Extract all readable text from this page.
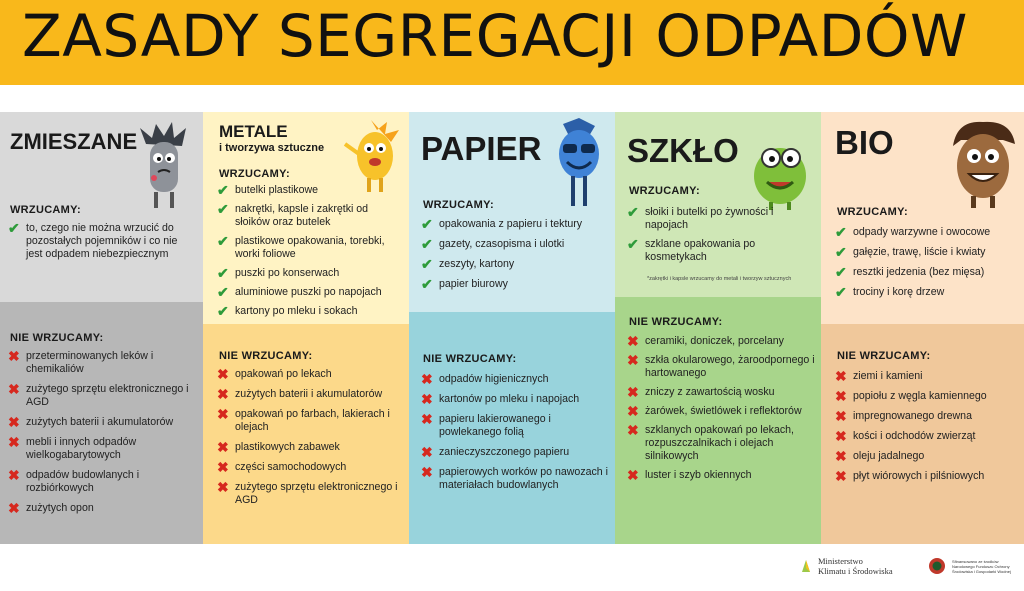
ZASADY SEGREGACJI ODPADÓW
ZMIESZANE
WRZUCAMY:
✔ to, czego nie można wrzucić do pozostałych pojemników i co nie jest odpadem niebezpiecznym
NIE WRZUCAMY:
✖ przeterminowanych leków i chemikaliów
✖ zużytego sprzętu elektronicznego i AGD
✖ zużytych baterii i akumulatorów
✖ mebli i innych odpadów wielkogabarytowych
✖ odpadów budowlanych i rozbiórkowych
✖ zużytych opon
METALE
i tworzywa sztuczne
WRZUCAMY:
✔ butelki plastikowe
✔ nakrętki, kapsle i zakrętki od słoików oraz butelek
✔ plastikowe opakowania, torebki, worki foliowe
✔ puszki po konserwach
✔ aluminiowe puszki po napojach
✔ kartony po mleku i sokach
NIE WRZUCAMY:
✖ opakowań po lekach
✖ zużytych baterii i akumulatorów
✖ opakowań po farbach, lakierach i olejach
✖ plastikowych zabawek
✖ części samochodowych
✖ zużytego sprzętu elektronicznego i AGD
PAPIER
WRZUCAMY:
✔ opakowania z papieru i tektury
✔ gazety, czasopisma i ulotki
✔ zeszyty, kartony
✔ papier biurowy
NIE WRZUCAMY:
✖ odpadów higienicznych
✖ kartonów po mleku i napojach
✖ papieru lakierowanego i powlekanego folią
✖ zanieczyszczonego papieru
✖ papierowych worków po nawozach i materiałach budowlanych
SZKŁO
WRZUCAMY:
✔ słoiki i butelki po żywności i napojach
✔ szklane opakowania po kosmetykach
*zakrętki i kapsle wrzucamy do metali i tworzyw sztucznych
NIE WRZUCAMY:
✖ ceramiki, doniczek, porcelany
✖ szkła okularowego, żaroodpornego i hartowanego
✖ zniczy z zawartością wosku
✖ żarówek, świetlówek i reflektorów
✖ szklanych opakowań po lekach, rozpuszczalnikach i olejach silnikowych
✖ luster i szyb okiennych
BIO
WRZUCAMY:
✔ odpady warzywne i owocowe
✔ gałęzie, trawę, liście i kwiaty
✔ resztki jedzenia (bez mięsa)
✔ trociny i korę drzew
NIE WRZUCAMY:
✖ ziemi i kamieni
✖ popiołu z węgla kamiennego
✖ impregnowanego drewna
✖ kości i odchodów zwierząt
✖ oleju jadalnego
✖ płyt wiórowych i pilśniowych
Ministerstwo
Klimatu i Środowiska
Sfinansowano ze środków Narodowego Funduszu Ochrony Środowiska i Gospodarki Wodnej
